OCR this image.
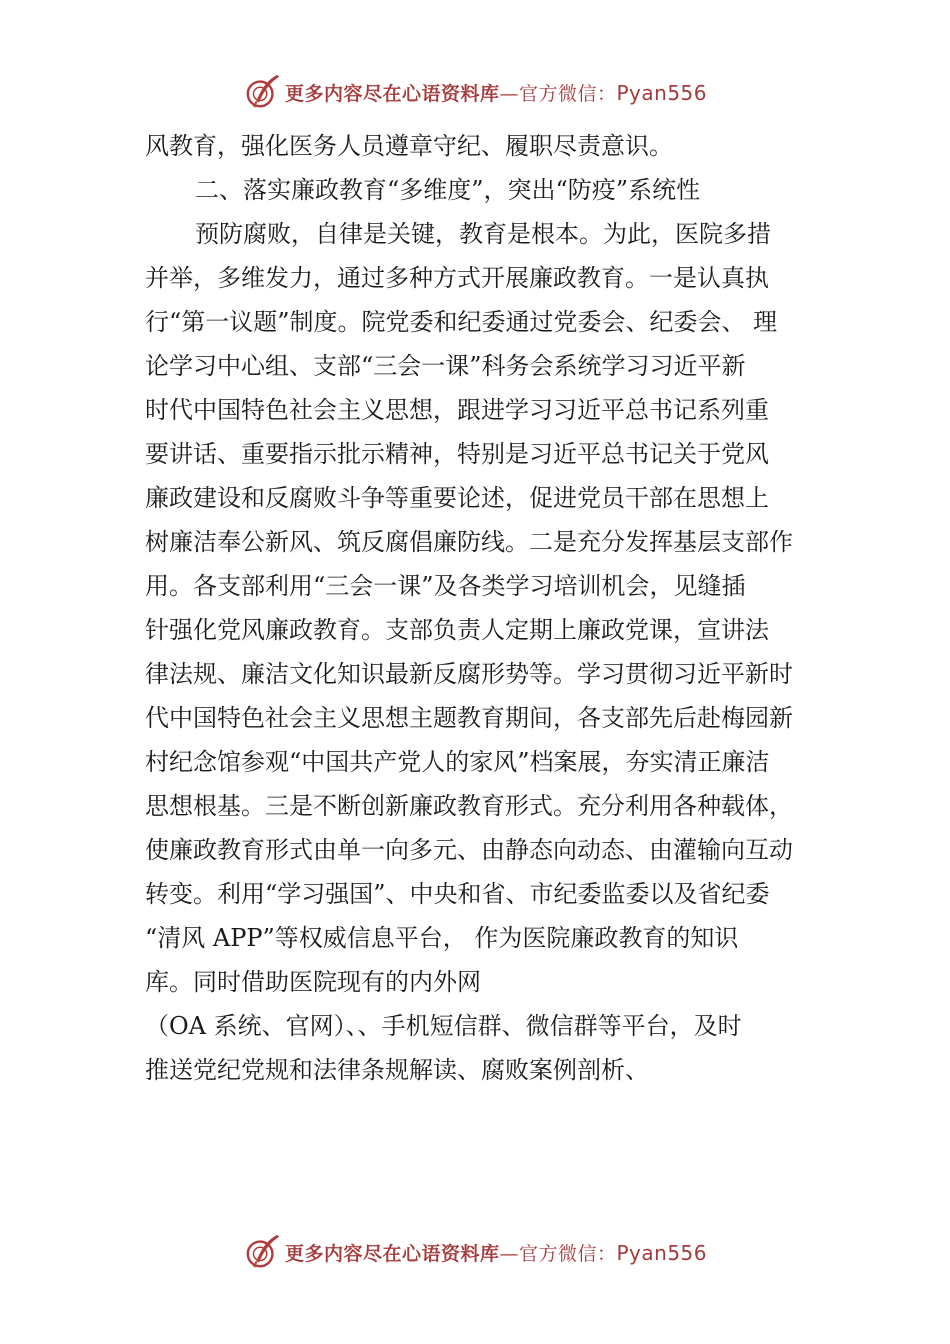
更多内容尽在心语资料库—官方微信：Pyan556
风教育，强化医务人员遵章守纪、履职尽责意识。
二、落实廉政教育“多维度”，突出“防疫”系统性
预防腐败，自律是关键，教育是根本。为此，医院多措
并举，多维发力，通过多种方式开展廉政教育。一是认真执
行“第一议题”制度。院党委和纪委通过党委会、纪委会、 理
论学习中心组、支部“三会一课”科务会系统学习习近平新
时代中国特色社会主义思想，跟进学习习近平总书记系列重
要讲话、重要指示批示精神，特别是习近平总书记关于党风
廉政建设和反腐败斗争等重要论述，促进党员干部在思想上
树廉洁奉公新风、筑反腐倡廉防线。二是充分发挥基层支部作
用。各支部利用“三会一课”及各类学习培训机会，见缝插
针强化党风廉政教育。支部负责人定期上廉政党课，宣讲法
律法规、廉洁文化知识最新反腐形势等。学习贯彻习近平新时
代中国特色社会主义思想主题教育期间，各支部先后赴梅园新
村纪念馆参观“中国共产党人的家风”档案展，夯实清正廉洁
思想根基。三是不断创新廉政教育形式。充分利用各种载体，
使廉政教育形式由单一向多元、由静态向动态、由灌输向互动
转变。利用“学习强国”、中央和省、市纪委监委以及省纪委
“清风 APP”等权威信息平台， 作为医院廉政教育的知识
库。同时借助医院现有的内外网
（OA 系统、官网）、、手机短信群、微信群等平台，及时
推送党纪党规和法律条规解读、腐败案例剖析、
更多内容尽在心语资料库—官方微信：Pyan556
